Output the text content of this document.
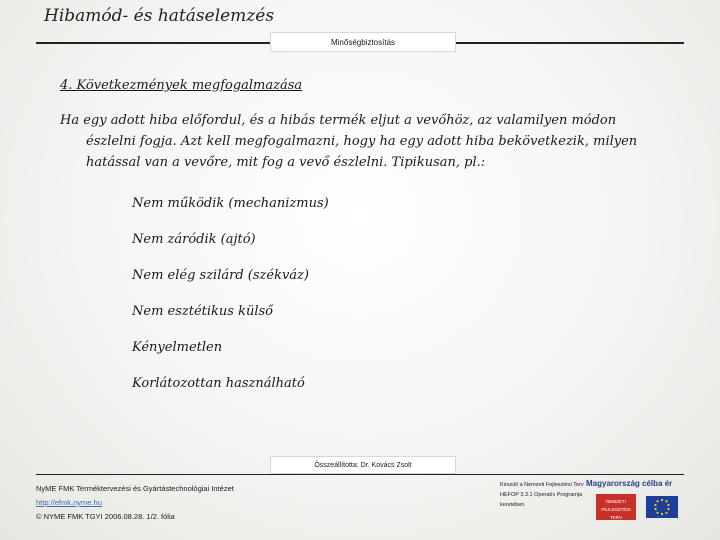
Hibamód- és hatáselemzés
Minőségbiztosítás
4. Következmények megfogalmazása
Ha egy adott hiba előfordul, és a hibás termék eljut a vevőhöz, az valamilyen módon észlelni fogja. Azt kell megfogalmazni, hogy ha egy adott hiba bekövetkezik, milyen hatással van a vevőre, mit fog a vevő észlelni. Tipikusan, pl.:
Nem működik (mechanizmus)
Nem záródik (ajtó)
Nem elég szilárd (székváz)
Nem esztétikus külső
Kényelmetlen
Korlátozottan használható
Összeállította: Dr. Kovács Zsolt
NyME FMK Terméktervezési és Gyártástechnológiai Intézet
http://efmk.nyme.hu
© NYME FMK TGYI 2006.08.28. 1/2. fólia
Készült a Nemzeti Fejlesztési Terv HEFOP 3.3.1 Operatív Programja keretében
Magyarország célba ér
NEMZETI FEJLESZTÉSI TERV
